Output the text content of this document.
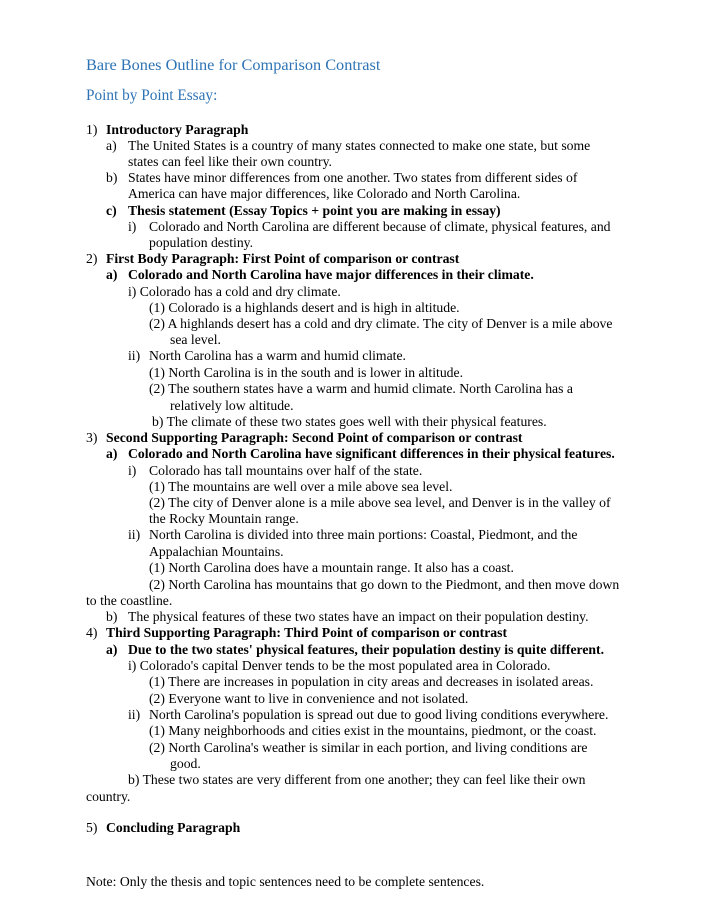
Bare Bones Outline for Comparison Contrast
Point by Point Essay:
1) Introductory Paragraph
a) The United States is a country of many states connected to make one state, but some
states can feel like their own country.
b) States have minor differences from one another. Two states from different sides of
America can have major differences, like Colorado and North Carolina.
c) Thesis statement (Essay Topics + point you are making in essay)
i) Colorado and North Carolina are different because of climate, physical features, and
population destiny.
2) First Body Paragraph: First Point of comparison or contrast
a) Colorado and North Carolina have major differences in their climate.
i) Colorado has a cold and dry climate.
(1) Colorado is a highlands desert and is high in altitude.
(2) A highlands desert has a cold and dry climate. The city of Denver is a mile above
sea level.
ii) North Carolina has a warm and humid climate.
(1) North Carolina is in the south and is lower in altitude.
(2) The southern states have a warm and humid climate. North Carolina has a
relatively low altitude.
b) The climate of these two states goes well with their physical features.
3) Second Supporting Paragraph: Second Point of comparison or contrast
a) Colorado and North Carolina have significant differences in their physical features.
i) Colorado has tall mountains over half of the state.
(1) The mountains are well over a mile above sea level.
(2) The city of Denver alone is a mile above sea level, and Denver is in the valley of
the Rocky Mountain range.
ii) North Carolina is divided into three main portions: Coastal, Piedmont, and the
Appalachian Mountains.
(1) North Carolina does have a mountain range. It also has a coast.
(2) North Carolina has mountains that go down to the Piedmont, and then move down
to the coastline.
b) The physical features of these two states have an impact on their population destiny.
4) Third Supporting Paragraph: Third Point of comparison or contrast
a) Due to the two states' physical features, their population destiny is quite different.
i) Colorado's capital Denver tends to be the most populated area in Colorado.
(1) There are increases in population in city areas and decreases in isolated areas.
(2) Everyone want to live in convenience and not isolated.
ii) North Carolina's population is spread out due to good living conditions everywhere.
(1) Many neighborhoods and cities exist in the mountains, piedmont, or the coast.
(2) North Carolina's weather is similar in each portion, and living conditions are
good.
b) These two states are very different from one another; they can feel like their own
country.
5) Concluding Paragraph
Note: Only the thesis and topic sentences need to be complete sentences.
